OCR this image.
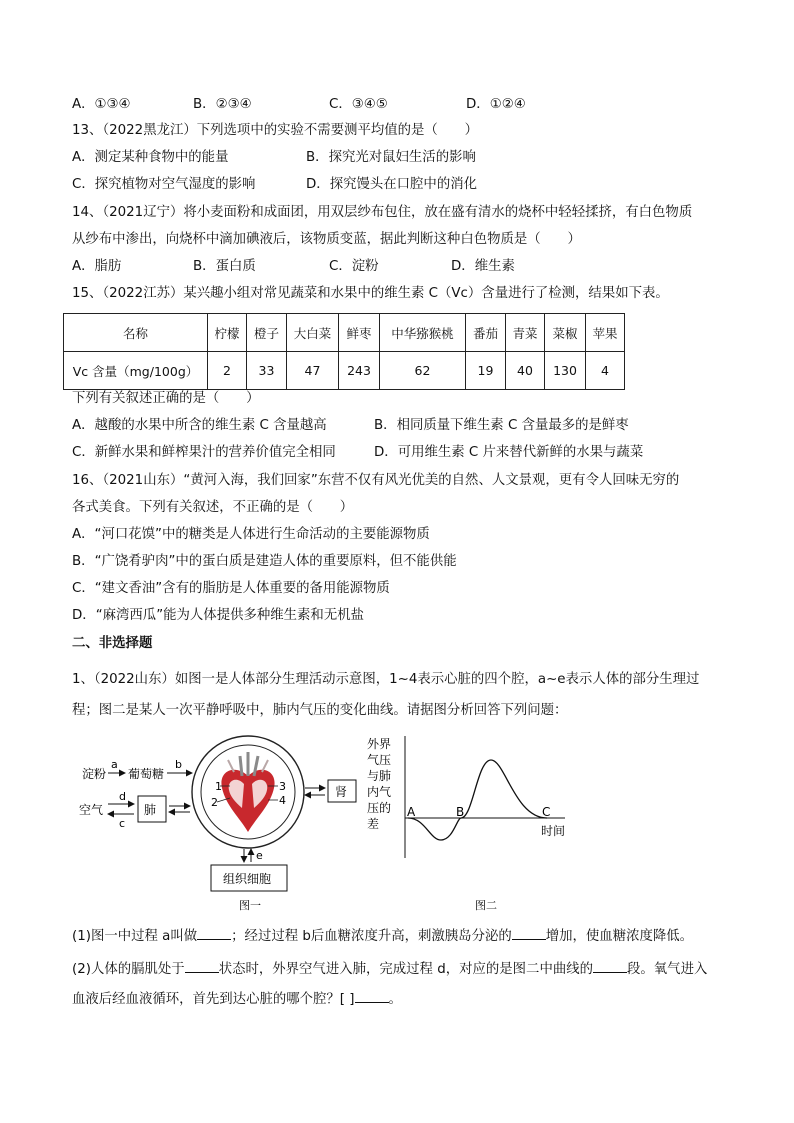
A．①③④	B．②③④	C．③④⑤	D．①②④
13、（2022黑龙江）下列选项中的实验不需要测平均值的是（　　）
A．测定某种食物中的能量	B．探究光对鼠妇生活的影响
C．探究植物对空气湿度的影响	D．探究馒头在口腔中的消化
14、（2021辽宁）将小麦面粉和成面团，用双层纱布包住，放在盛有清水的烧杯中轻轻揉挤，有白色物质
从纱布中渗出，向烧杯中滴加碘液后，该物质变蓝，据此判断这种白色物质是（　　）
A．脂肪	B．蛋白质	C．淀粉	D．维生素
15、（2022江苏）某兴趣小组对常见蔬菜和水果中的维生素 C（Vc）含量进行了检测，结果如下表。
名称	柠檬	橙子	大白菜	鲜枣	中华猕猴桃	番茄	青菜	菜椒	苹果
Vc 含量（mg/100g）	2	33	47	243	62	19	40	130	4
下列有关叙述正确的是（　　）
A．越酸的水果中所含的维生素 C 含量越高	B．相同质量下维生素 C 含量最多的是鲜枣
C．新鲜水果和鲜榨果汁的营养价值完全相同	D．可用维生素 C 片来替代新鲜的水果与蔬菜
16、（2021山东）“黄河入海，我们回家”东营不仅有风光优美的自然、人文景观，更有令人回味无穷的
各式美食。下列有关叙述，不正确的是（　　）
A．“河口花馍”中的糖类是人体进行生命活动的主要能源物质
B．“广饶肴驴肉”中的蛋白质是建造人体的重要原料，但不能供能
C．“建文香油”含有的脂肪是人体重要的备用能源物质
D．“麻湾西瓜”能为人体提供多种维生素和无机盐
二、非选择题
1、（2022山东）如图一是人体部分生理活动示意图，1~4表示心脏的四个腔，a~e表示人体的部分生理过
程；图二是某人一次平静呼吸中，肺内气压的变化曲线。请据图分析回答下列问题：
1
2
3
4
淀粉
a
葡萄糖
b
空气
d
c
肺
肾
e
组织细胞
图一
外界
气压
与肺
内气
压的
差
A	B	C
时间
图二
(1)图一中过程 a叫做	；经过过程 b后血糖浓度升高，刺激胰岛分泌的	增加，使血糖浓度降低。
(2)人体的膈肌处于	状态时，外界空气进入肺，完成过程 d，对应的是图二中曲线的	段。氧气进入
血液后经血液循环，首先到达心脏的哪个腔？[ ]	。
